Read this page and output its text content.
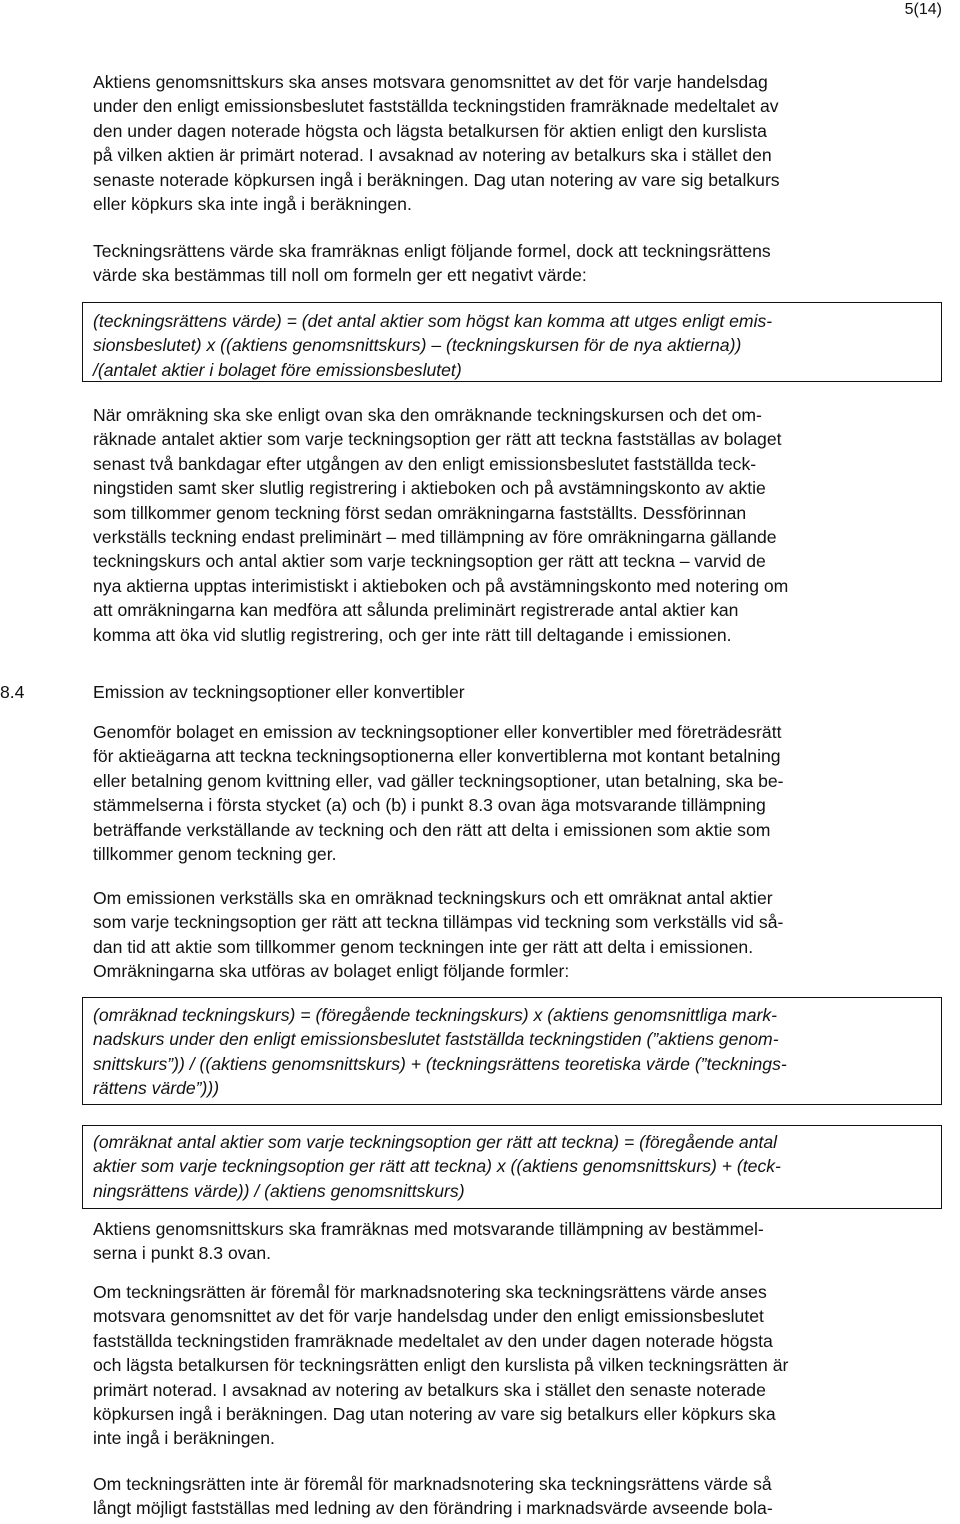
5(14)
Aktiens genomsnittskurs ska anses motsvara genomsnittet av det för varje handelsdag
under den enligt emissionsbeslutet fastställda teckningstiden framräknade medeltalet av
den under dagen noterade högsta och lägsta betalkursen för aktien enligt den kurslista
på vilken aktien är primärt noterad. I avsaknad av notering av betalkurs ska i stället den
senaste noterade köpkursen ingå i beräkningen. Dag utan notering av vare sig betalkurs
eller köpkurs ska inte ingå i beräkningen.
Teckningsrättens värde ska framräknas enligt följande formel, dock att teckningsrättens
värde ska bestämmas till noll om formeln ger ett negativt värde:
(teckningsrättens värde) = (det antal aktier som högst kan komma att utges enligt emis-
sionsbeslutet) x ((aktiens genomsnittskurs) – (teckningskursen för de nya aktierna))
/(antalet aktier i bolaget före emissionsbeslutet)
När omräkning ska ske enligt ovan ska den omräknande teckningskursen och det om-
räknade antalet aktier som varje teckningsoption ger rätt att teckna fastställas av bolaget
senast två bankdagar efter utgången av den enligt emissionsbeslutet fastställda teck-
ningstiden samt sker slutlig registrering i aktieboken och på avstämningskonto av aktie
som tillkommer genom teckning först sedan omräkningarna fastställts. Dessförinnan
verkställs teckning endast preliminärt – med tillämpning av före omräkningarna gällande
teckningskurs och antal aktier som varje teckningsoption ger rätt att teckna – varvid de
nya aktierna upptas interimistiskt i aktieboken och på avstämningskonto med notering om
att omräkningarna kan medföra att sålunda preliminärt registrerade antal aktier kan
komma att öka vid slutlig registrering, och ger inte rätt till deltagande i emissionen.
8.4	Emission av teckningsoptioner eller konvertibler
Genomför bolaget en emission av teckningsoptioner eller konvertibler med företrädesrätt
för aktieägarna att teckna teckningsoptionerna eller konvertiblerna mot kontant betalning
eller betalning genom kvittning eller, vad gäller teckningsoptioner, utan betalning, ska be-
stämmelserna i första stycket (a) och (b) i punkt 8.3 ovan äga motsvarande tillämpning
beträffande verkställande av teckning och den rätt att delta i emissionen som aktie som
tillkommer genom teckning ger.
Om emissionen verkställs ska en omräknad teckningskurs och ett omräknat antal aktier
som varje teckningsoption ger rätt att teckna tillämpas vid teckning som verkställs vid så-
dan tid att aktie som tillkommer genom teckningen inte ger rätt att delta i emissionen.
Omräkningarna ska utföras av bolaget enligt följande formler:
(omräknad teckningskurs) = (föregående teckningskurs) x (aktiens genomsnittliga mark-
nadskurs under den enligt emissionsbeslutet fastställda teckningstiden (”aktiens genom-
snittskurs”)) / ((aktiens genomsnittskurs) + (teckningsrättens teoretiska värde (”tecknings-
rättens värde”)))
(omräknat antal aktier som varje teckningsoption ger rätt att teckna) = (föregående antal
aktier som varje teckningsoption ger rätt att teckna) x ((aktiens genomsnittskurs) + (teck-
ningsrättens värde)) / (aktiens genomsnittskurs)
Aktiens genomsnittskurs ska framräknas med motsvarande tillämpning av bestämmel-
serna i punkt 8.3 ovan.
Om teckningsrätten är föremål för marknadsnotering ska teckningsrättens värde anses
motsvara genomsnittet av det för varje handelsdag under den enligt emissionsbeslutet
fastställda teckningstiden framräknade medeltalet av den under dagen noterade högsta
och lägsta betalkursen för teckningsrätten enligt den kurslista på vilken teckningsrätten är
primärt noterad. I avsaknad av notering av betalkurs ska i stället den senaste noterade
köpkursen ingå i beräkningen. Dag utan notering av vare sig betalkurs eller köpkurs ska
inte ingå i beräkningen.
Om teckningsrätten inte är föremål för marknadsnotering ska teckningsrättens värde så
långt möjligt fastställas med ledning av den förändring i marknadsvärde avseende bola-
